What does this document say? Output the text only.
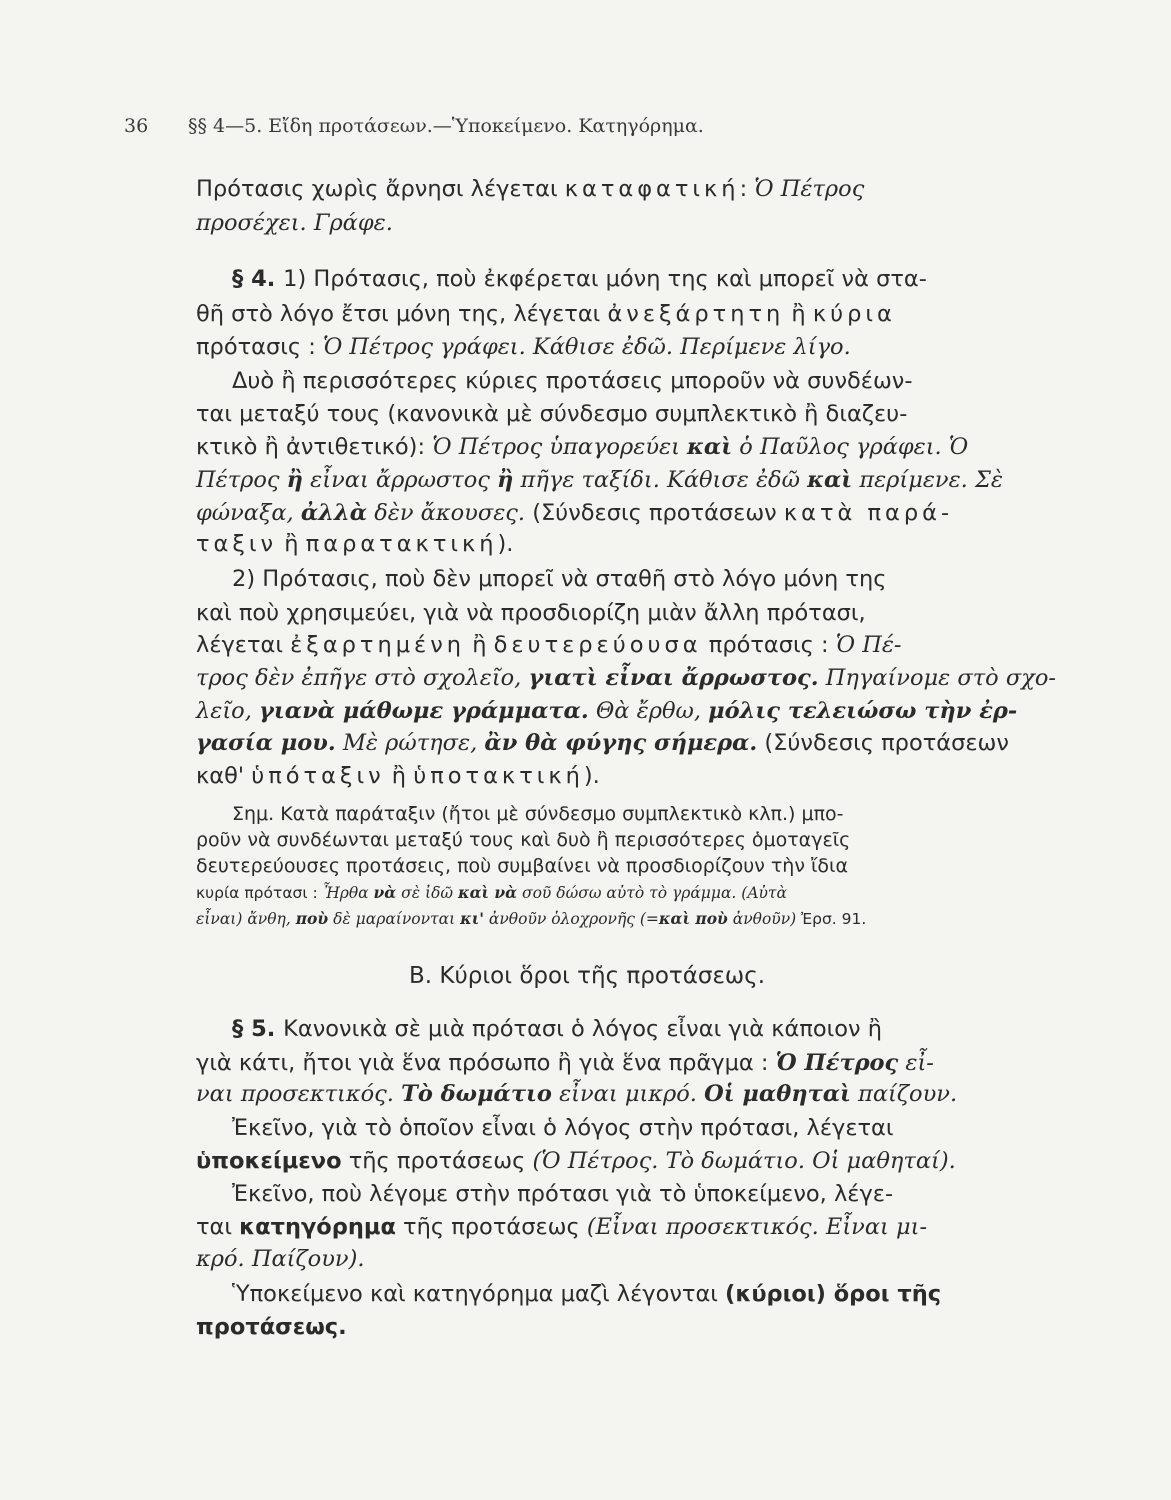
36 §§ 4—5. Εἴδη προτάσεων.—Ὑποκείμενο. Κατηγόρημα.
Πρότασις χωρὶς ἄρνησι λέγεται καταφατική: Ὁ Πέτρος
προσέχει. Γράφε.
§ 4. 1) Πρότασις, ποὺ ἐκφέρεται μόνη της καὶ μπορεῖ νὰ στα-
θῆ στὸ λόγο ἔτσι μόνη της, λέγεται ἀνεξάρτητη ἢ κύρια
πρότασις : Ὁ Πέτρος γράφει. Κάθισε ἐδῶ. Περίμενε λίγο.
Δυὸ ἢ περισσότερες κύριες προτάσεις μποροῦν νὰ συνδέων-
ται μεταξύ τους (κανονικὰ μὲ σύνδεσμο συμπλεκτικὸ ἢ διαζευ-
κτικὸ ἢ ἀντιθετικό): Ὁ Πέτρος ὑπαγορεύει καὶ ὁ Παῦλος γράφει. Ὁ
Πέτρος ἢ εἶναι ἄρρωστος ἢ πῆγε ταξίδι. Κάθισε ἐδῶ καὶ περίμενε. Σὲ
φώναξα, ἀλλὰ δὲν ἄκουσες. (Σύνδεσις προτάσεων κατὰ παρά-
ταξιν ἢ παρατακτική).
2) Πρότασις, ποὺ δὲν μπορεῖ νὰ σταθῆ στὸ λόγο μόνη της
καὶ ποὺ χρησιμεύει, γιὰ νὰ προσδιορίζη μιὰν ἄλλη πρότασι,
λέγεται ἐξαρτημένη ἢ δευτερεύουσα πρότασις : Ὁ Πέ-
τρος δὲν ἐπῆγε στὸ σχολεῖο, γιατὶ εἶναι ἄρρωστος. Πηγαίνομε στὸ σχο-
λεῖο, γιανὰ μάθωμε γράμματα. Θὰ ἔρθω, μόλις τελειώσω τὴν ἐρ-
γασία μου. Μὲ ρώτησε, ἂν θὰ φύγης σήμερα. (Σύνδεσις προτάσεων
καθ' ὑπόταξιν ἢ ὑποτακτική).
Σημ. Κατὰ παράταξιν (ἤτοι μὲ σύνδεσμο συμπλεκτικὸ κλπ.) μπο-
ροῦν νὰ συνδέωνται μεταξύ τους καὶ δυὸ ἢ περισσότερες ὁμοταγεῖς
δευτερεύουσες προτάσεις, ποὺ συμβαίνει νὰ προσδιορίζουν τὴν ἴδια
κυρία πρότασι : Ἦρθα νὰ σὲ ἰδῶ καὶ νὰ σοῦ δώσω αὐτὸ τὸ γράμμα. (Αὐτὰ
εἶναι) ἄνθη, ποὺ δὲ μαραίνονται κι' ἀνθοῦν ὁλοχρονῆς (=καὶ ποὺ ἀνθοῦν) Ἐρσ. 91.
Β. Κύριοι ὅροι τῆς προτάσεως.
§ 5. Κανονικὰ σὲ μιὰ πρότασι ὁ λόγος εἶναι γιὰ κάποιον ἢ
γιὰ κάτι, ἤτοι γιὰ ἕνα πρόσωπο ἢ γιὰ ἕνα πρᾶγμα : Ὁ Πέτρος εἶ-
ναι προσεκτικός. Τὸ δωμάτιο εἶναι μικρό. Οἱ μαθηταὶ παίζουν.
Ἐκεῖνο, γιὰ τὸ ὁποῖον εἶναι ὁ λόγος στὴν πρότασι, λέγεται
ὑποκείμενο τῆς προτάσεως (Ὁ Πέτρος. Τὸ δωμάτιο. Οἱ μαθηταί).
Ἐκεῖνο, ποὺ λέγομε στὴν πρότασι γιὰ τὸ ὑποκείμενο, λέγε-
ται κατηγόρημα τῆς προτάσεως (Εἶναι προσεκτικός. Εἶναι μι-
κρό. Παίζουν).
Ὑποκείμενο καὶ κατηγόρημα μαζὶ λέγονται (κύριοι) ὅροι τῆς
προτάσεως.
